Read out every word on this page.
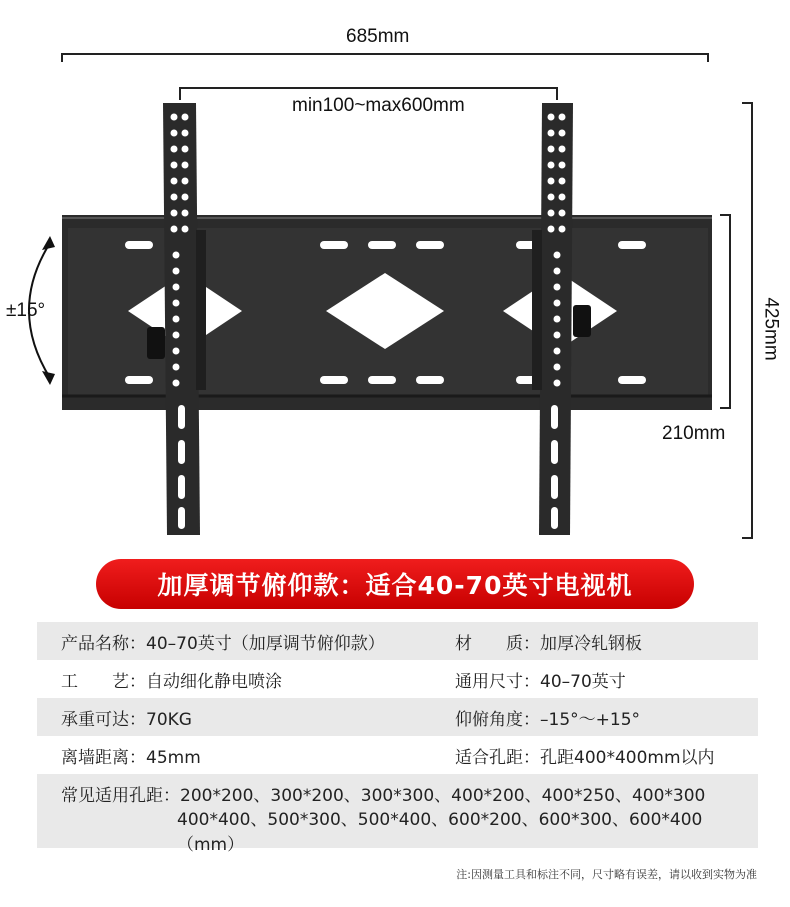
685mm
min100~max600mm
425mm
210mm
±15°
加厚调节俯仰款：适合40-70英寸电视机
产品名称：40–70英寸（加厚调节俯仰款）	材　　质：加厚冷轧钢板
工　　艺：自动细化静电喷涂	通用尺寸：40–70英寸
承重可达：70KG	仰俯角度：–15°～+15°
离墙距离：45mm	适合孔距：孔距400*400mm以内
常见适用孔距：200*200、300*200、300*300、400*200、400*250、400*300
400*400、500*300、500*400、600*200、600*300、600*400（mm）
注:因测量工具和标注不同，尺寸略有误差，请以收到实物为准
